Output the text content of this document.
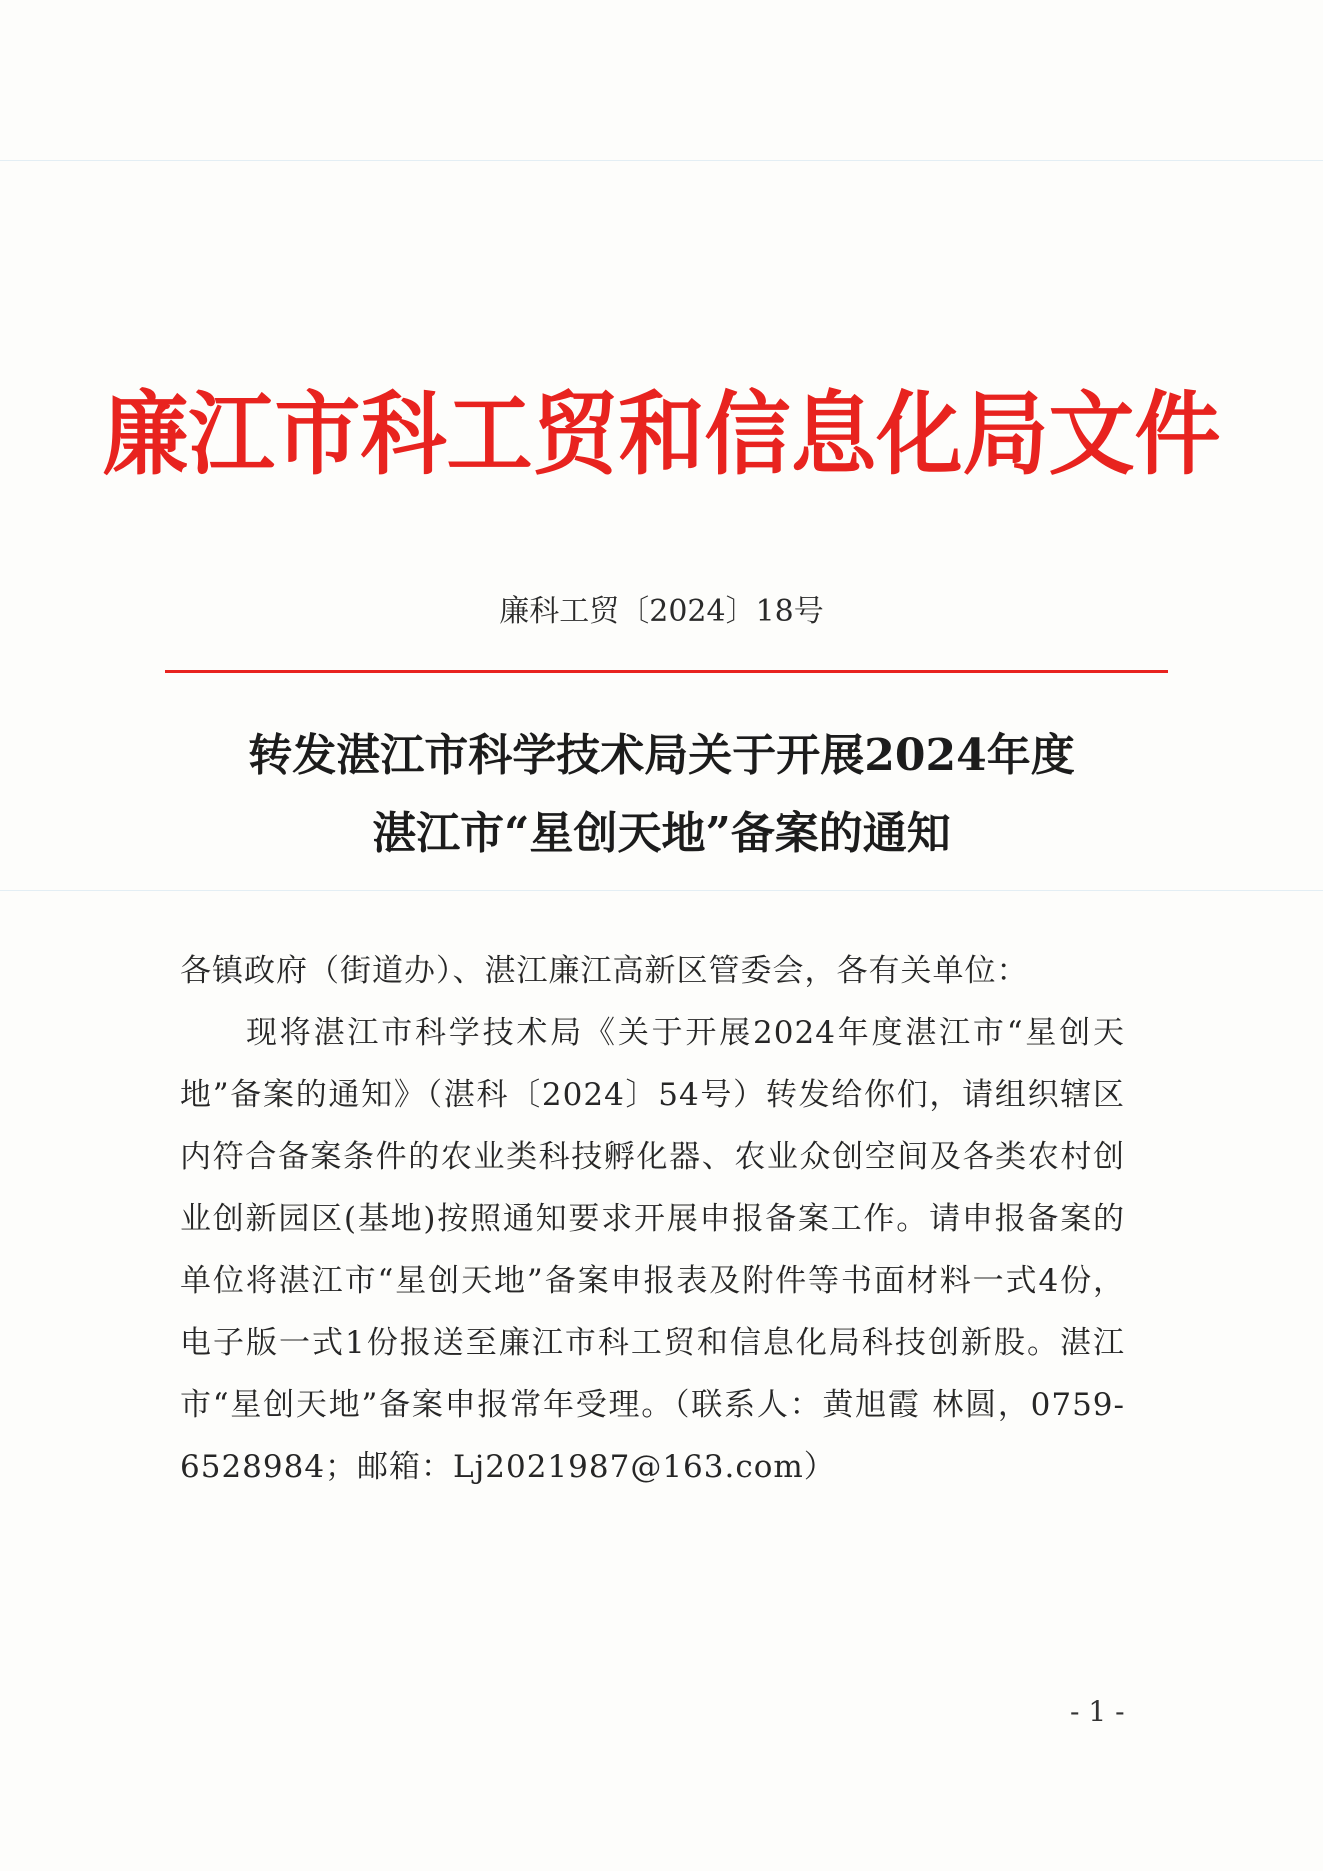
廉江市科工贸和信息化局文件
廉科工贸〔2024〕18号
转发湛江市科学技术局关于开展2024年度
湛江市“星创天地”备案的通知
各镇政府（街道办）、湛江廉江高新区管委会，各有关单位：
现将湛江市科学技术局《关于开展2024年度湛江市“星创天地”备案的通知》（湛科〔2024〕54号）转发给你们，请组织辖区内符合备案条件的农业类科技孵化器、农业众创空间及各类农村创业创新园区(基地)按照通知要求开展申报备案工作。请申报备案的单位将湛江市“星创天地”备案申报表及附件等书面材料一式4份，电子版一式1份报送至廉江市科工贸和信息化局科技创新股。湛江市“星创天地”备案申报常年受理。（联系人：黄旭霞 林圆，0759-6528984；邮箱：Lj2021987@163.com）
- 1 -
